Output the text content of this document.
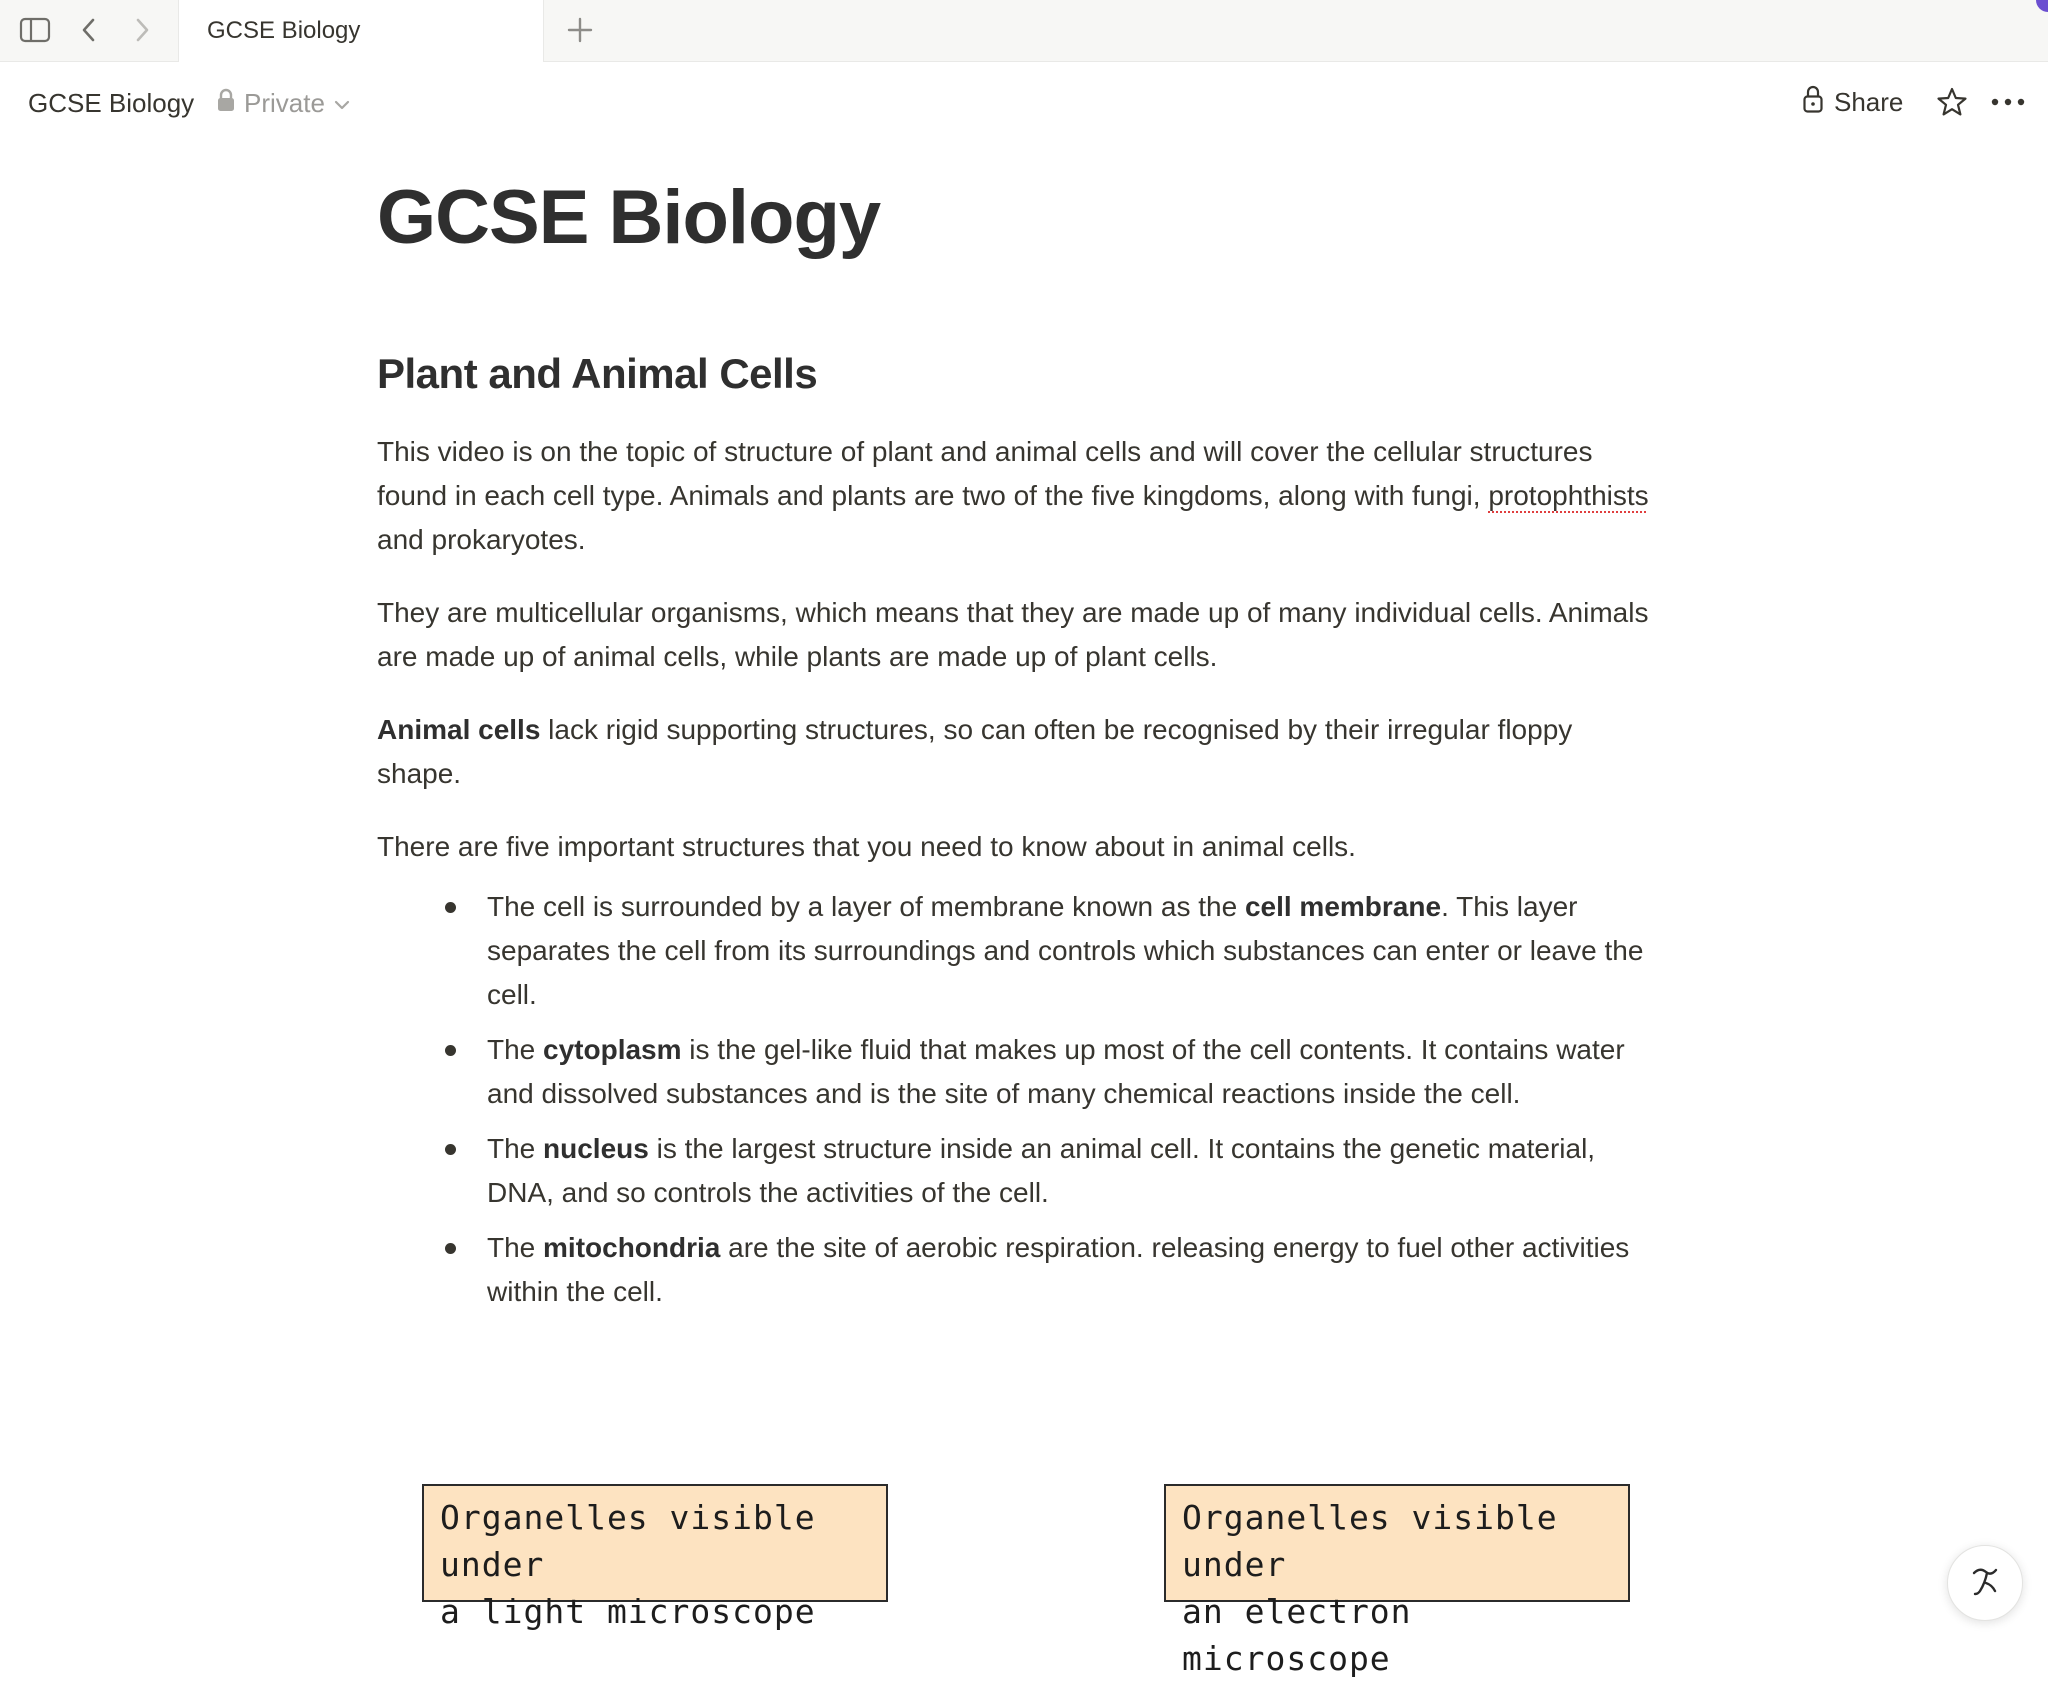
GCSE Biology
GCSE Biology Private	Share
GCSE Biology
Plant and Animal Cells

This video is on the topic of structure of plant and animal cells and will cover the cellular structures found in each cell type. Animals and plants are two of the five kingdoms, along with fungi, protophthists and prokaryotes.

They are multicellular organisms, which means that they are made up of many individual cells. Animals are made up of animal cells, while plants are made up of plant cells.

Animal cells lack rigid supporting structures, so can often be recognised by their irregular floppy shape.

There are five important structures that you need to know about in animal cells.

The cell is surrounded by a layer of membrane known as the cell membrane. This layer separates the cell from its surroundings and controls which substances can enter or leave the cell.
The cytoplasm is the gel-like fluid that makes up most of the cell contents. It contains water and dissolved substances and is the site of many chemical reactions inside the cell.
The nucleus is the largest structure inside an animal cell. It contains the genetic material, DNA, and so controls the activities of the cell.
The mitochondria are the site of aerobic respiration. releasing energy to fuel other activities within the cell.
Organelles visible under
a light microscope
Organelles visible under
an electron microscope
